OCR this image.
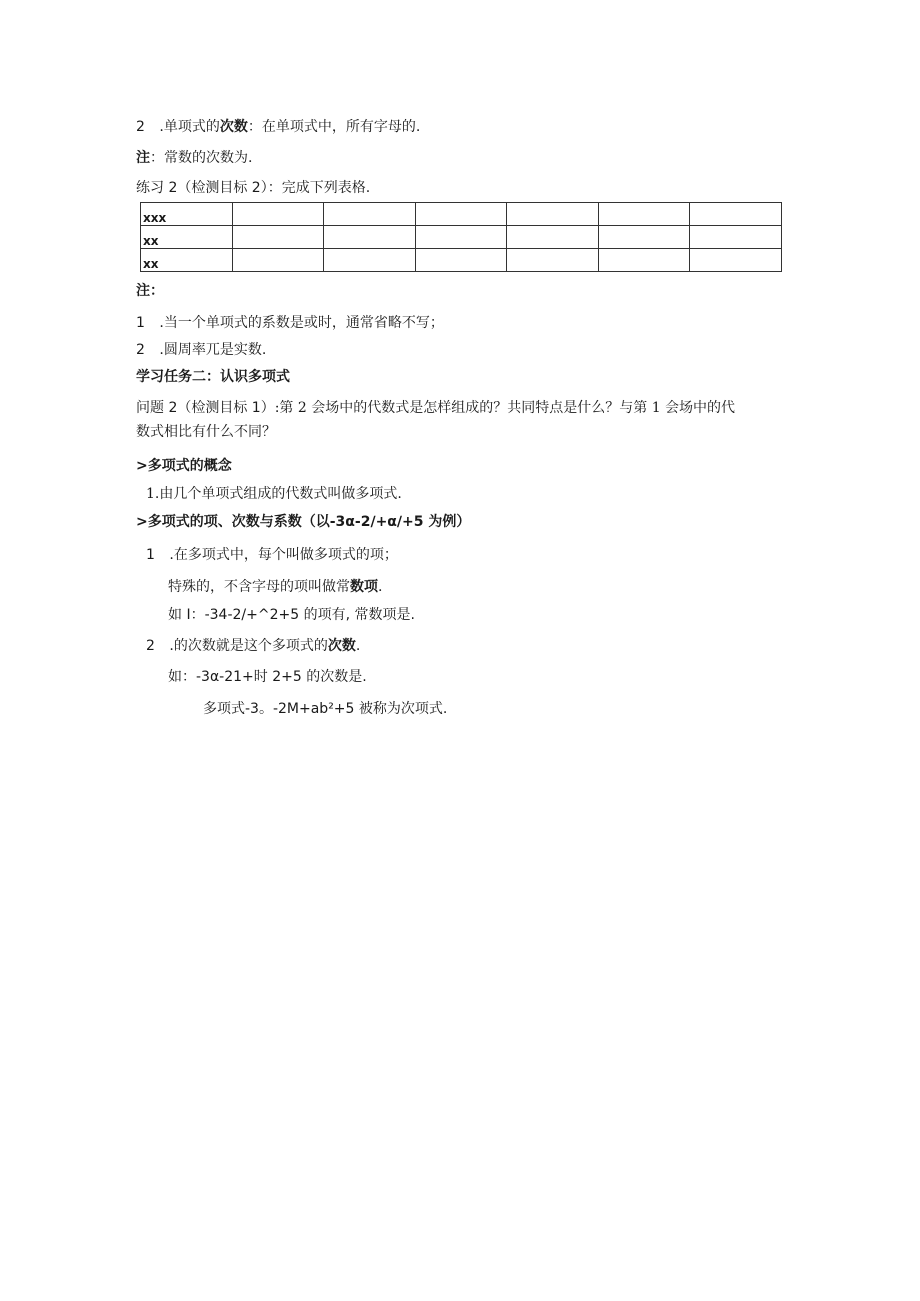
2 .单项式的次数：在单项式中，所有字母的.
注：常数的次数为.
练习 2（检测目标 2）：完成下列表格.
xxx						
xx						
xx						
注：
1 .当一个单项式的系数是或时，通常省略不写；
2 .圆周率兀是实数.
学习任务二：认识多项式
问题 2（检测目标 1）:第 2 会场中的代数式是怎样组成的？共同特点是什么？与第 1 会场中的代
数式相比有什么不同？
>多项式的概念
1.由几个单项式组成的代数式叫做多项式.
>多项式的项、次数与系数（以-3α-2∕+α∕+5 为例）
1 .在多项式中，每个叫做多项式的项；
特殊的，不含字母的项叫做常数项.
如 I：-34-2/+^2+5 的项有, 常数项是.
2 .的次数就是这个多项式的次数.
如：-3α-21+时 2+5 的次数是.
多项式-3。-2M+ab²+5 被称为次项式.
